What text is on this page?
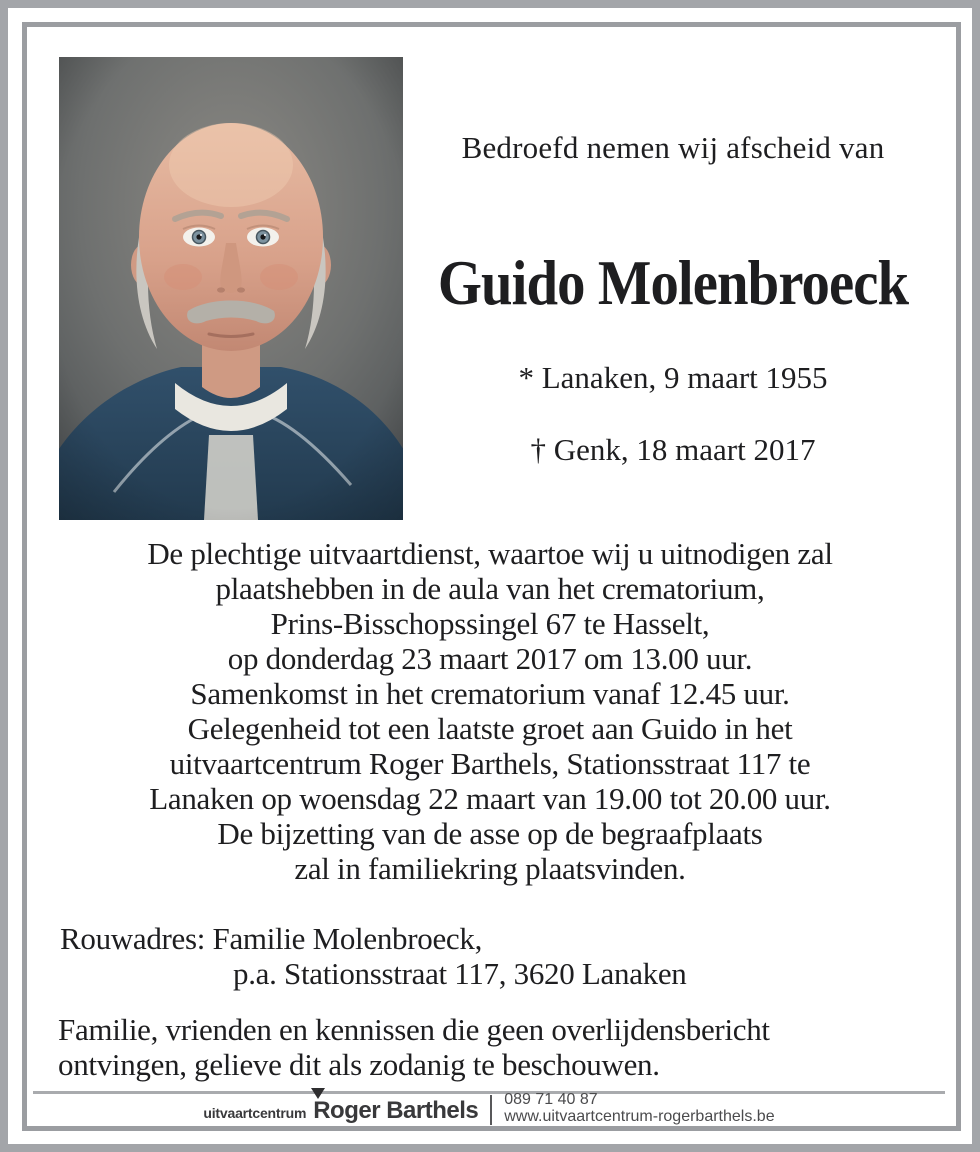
Bedroefd nemen wij afscheid van
Guido Molenbroeck
* Lanaken, 9 maart 1955
† Genk, 18 maart 2017
De plechtige uitvaartdienst, waartoe wij u uitnodigen zal
plaatshebben in de aula van het crematorium,
Prins-Bisschopssingel 67 te Hasselt,
op donderdag 23 maart 2017 om 13.00 uur.
Samenkomst in het crematorium vanaf 12.45 uur.
Gelegenheid tot een laatste groet aan Guido in het
uitvaartcentrum Roger Barthels, Stationsstraat 117 te
Lanaken op woensdag 22 maart van 19.00 tot 20.00 uur.
De bijzetting van de asse op de begraafplaats
zal in familiekring plaatsvinden.
Rouwadres: Familie Molenbroeck,
p.a. Stationsstraat 117, 3620 Lanaken
Familie, vrienden en kennissen die geen overlijdensbericht
ontvingen, gelieve dit als zodanig te beschouwen.
uitvaartcentrum Roger Barthels 089 71 40 87
www.uitvaartcentrum-rogerbarthels.be
